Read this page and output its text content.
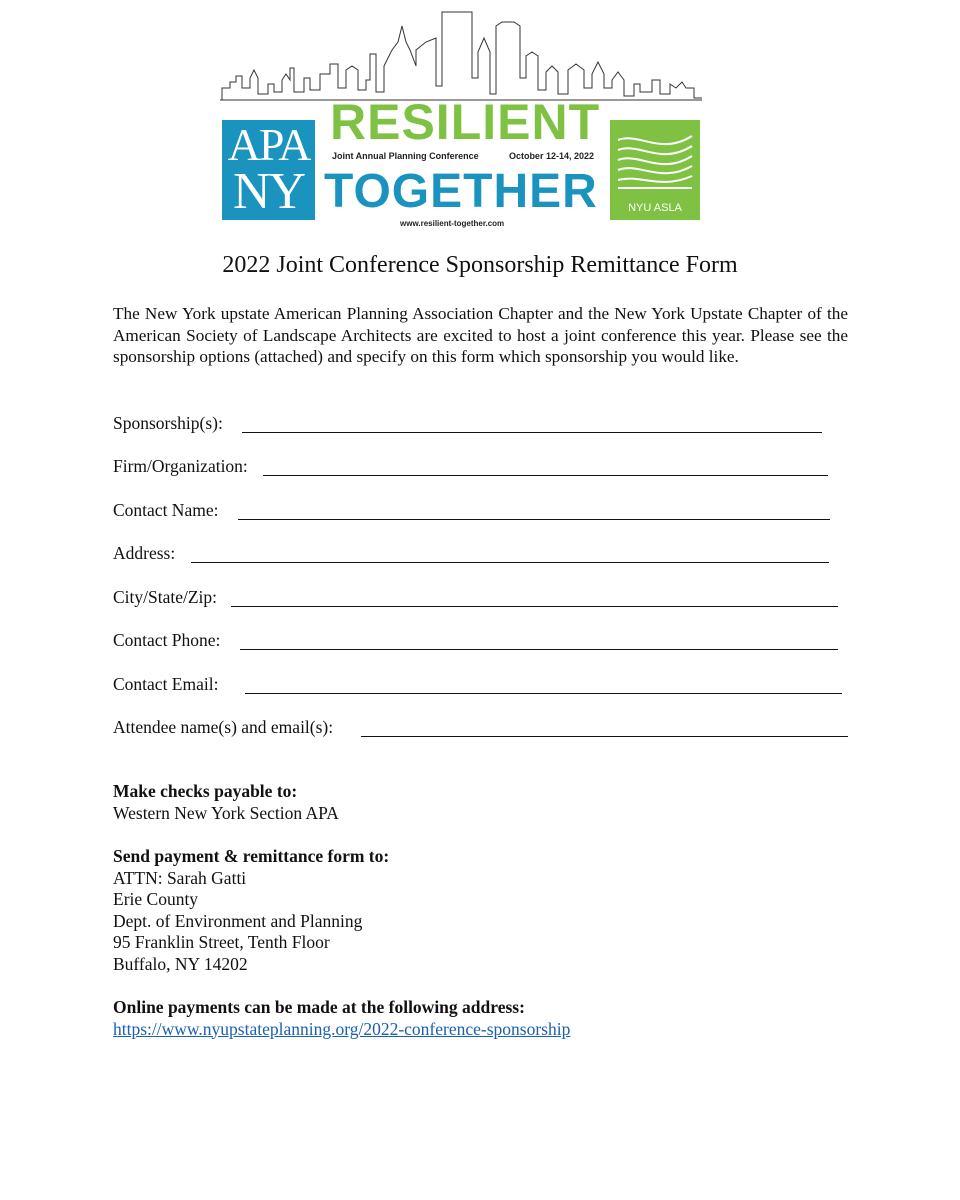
APA
NY
RESILIENT
Joint Annual Planning Conference	October 12-14, 2022
TOGETHER
www.resilient-together.com
NYU ASLA
2022 Joint Conference Sponsorship Remittance Form
The New York upstate American Planning Association Chapter and the New York Upstate Chapter of the American Society of Landscape Architects are excited to host a joint conference this year. Please see the sponsorship options (attached) and specify on this form which sponsorship you would like.
Sponsorship(s):
Firm/Organization:
Contact Name:
Address:
City/State/Zip:
Contact Phone:
Contact Email:
Attendee name(s) and email(s):
Make checks payable to:
Western New York Section APA
Send payment & remittance form to:
ATTN: Sarah Gatti
Erie County
Dept. of Environment and Planning
95 Franklin Street, Tenth Floor
Buffalo, NY 14202
Online payments can be made at the following address:
https://www.nyupstateplanning.org/2022-conference-sponsorship
